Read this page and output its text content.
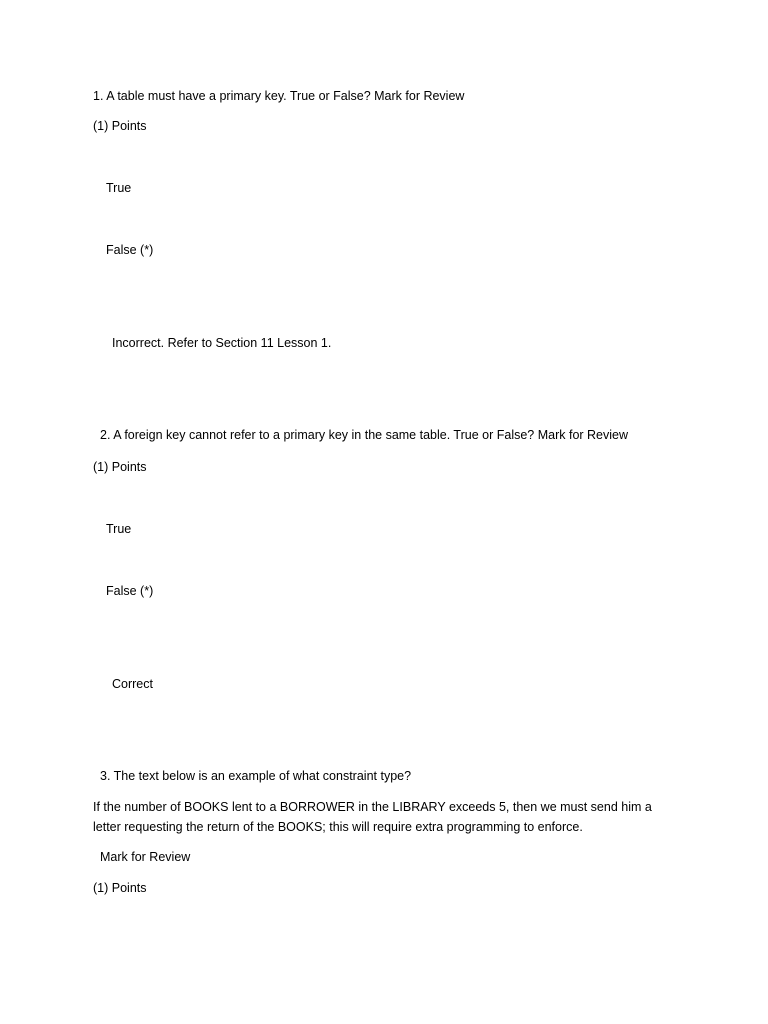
1. A table must have a primary key. True or False? Mark for Review
(1) Points
True
False (*)
Incorrect. Refer to Section 11 Lesson 1.
2. A foreign key cannot refer to a primary key in the same table. True or False? Mark for Review
(1) Points
True
False (*)
Correct
3. The text below is an example of what constraint type?
If the number of BOOKS lent to a BORROWER in the LIBRARY exceeds 5, then we must send him a letter requesting the return of the BOOKS; this will require extra programming to enforce.
Mark for Review
(1) Points
